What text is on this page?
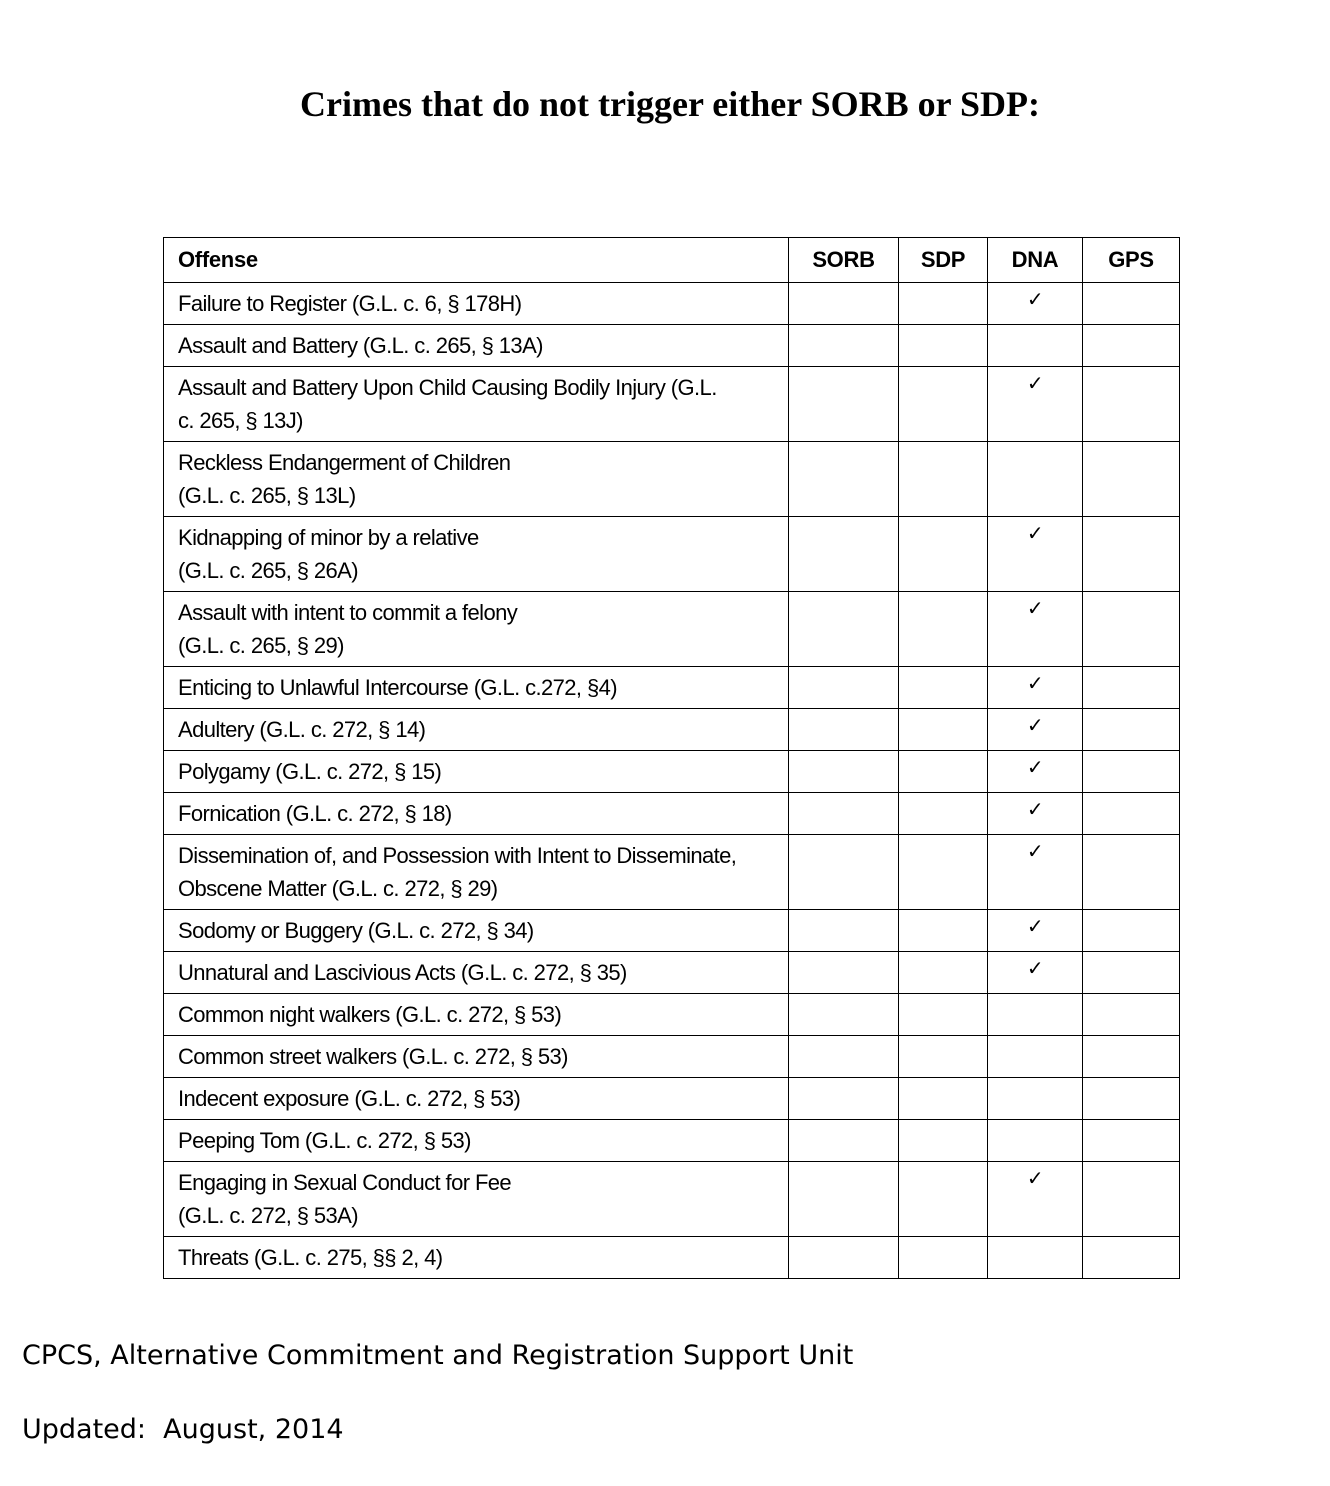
Crimes that do not trigger either SORB or SDP:
Offense	SORB	SDP	DNA	GPS
Failure to Register (G.L. c. 6, § 178H)			✓	
Assault and Battery (G.L. c. 265, § 13A)				
Assault and Battery Upon Child Causing Bodily Injury (G.L.
c. 265, § 13J)			✓	
Reckless Endangerment of Children
(G.L. c. 265, § 13L)				
Kidnapping of minor by a relative
(G.L. c. 265, § 26A)			✓	
Assault with intent to commit a felony
(G.L. c. 265, § 29)			✓	
Enticing to Unlawful Intercourse (G.L. c.272, §4)			✓	
Adultery (G.L. c. 272, § 14)			✓	
Polygamy (G.L. c. 272, § 15)			✓	
Fornication (G.L. c. 272, § 18)			✓	
Dissemination of, and Possession with Intent to Disseminate,
Obscene Matter (G.L. c. 272, § 29)			✓	
Sodomy or Buggery (G.L. c. 272, § 34)			✓	
Unnatural and Lascivious Acts (G.L. c. 272, § 35)			✓	
Common night walkers (G.L. c. 272, § 53)				
Common street walkers (G.L. c. 272, § 53)				
Indecent exposure (G.L. c. 272, § 53)				
Peeping Tom (G.L. c. 272, § 53)				
Engaging in Sexual Conduct for Fee
(G.L. c. 272, § 53A)			✓	
Threats (G.L. c. 275, §§ 2, 4)				

CPCS, Alternative Commitment and Registration Support Unit

Updated:  August, 2014
